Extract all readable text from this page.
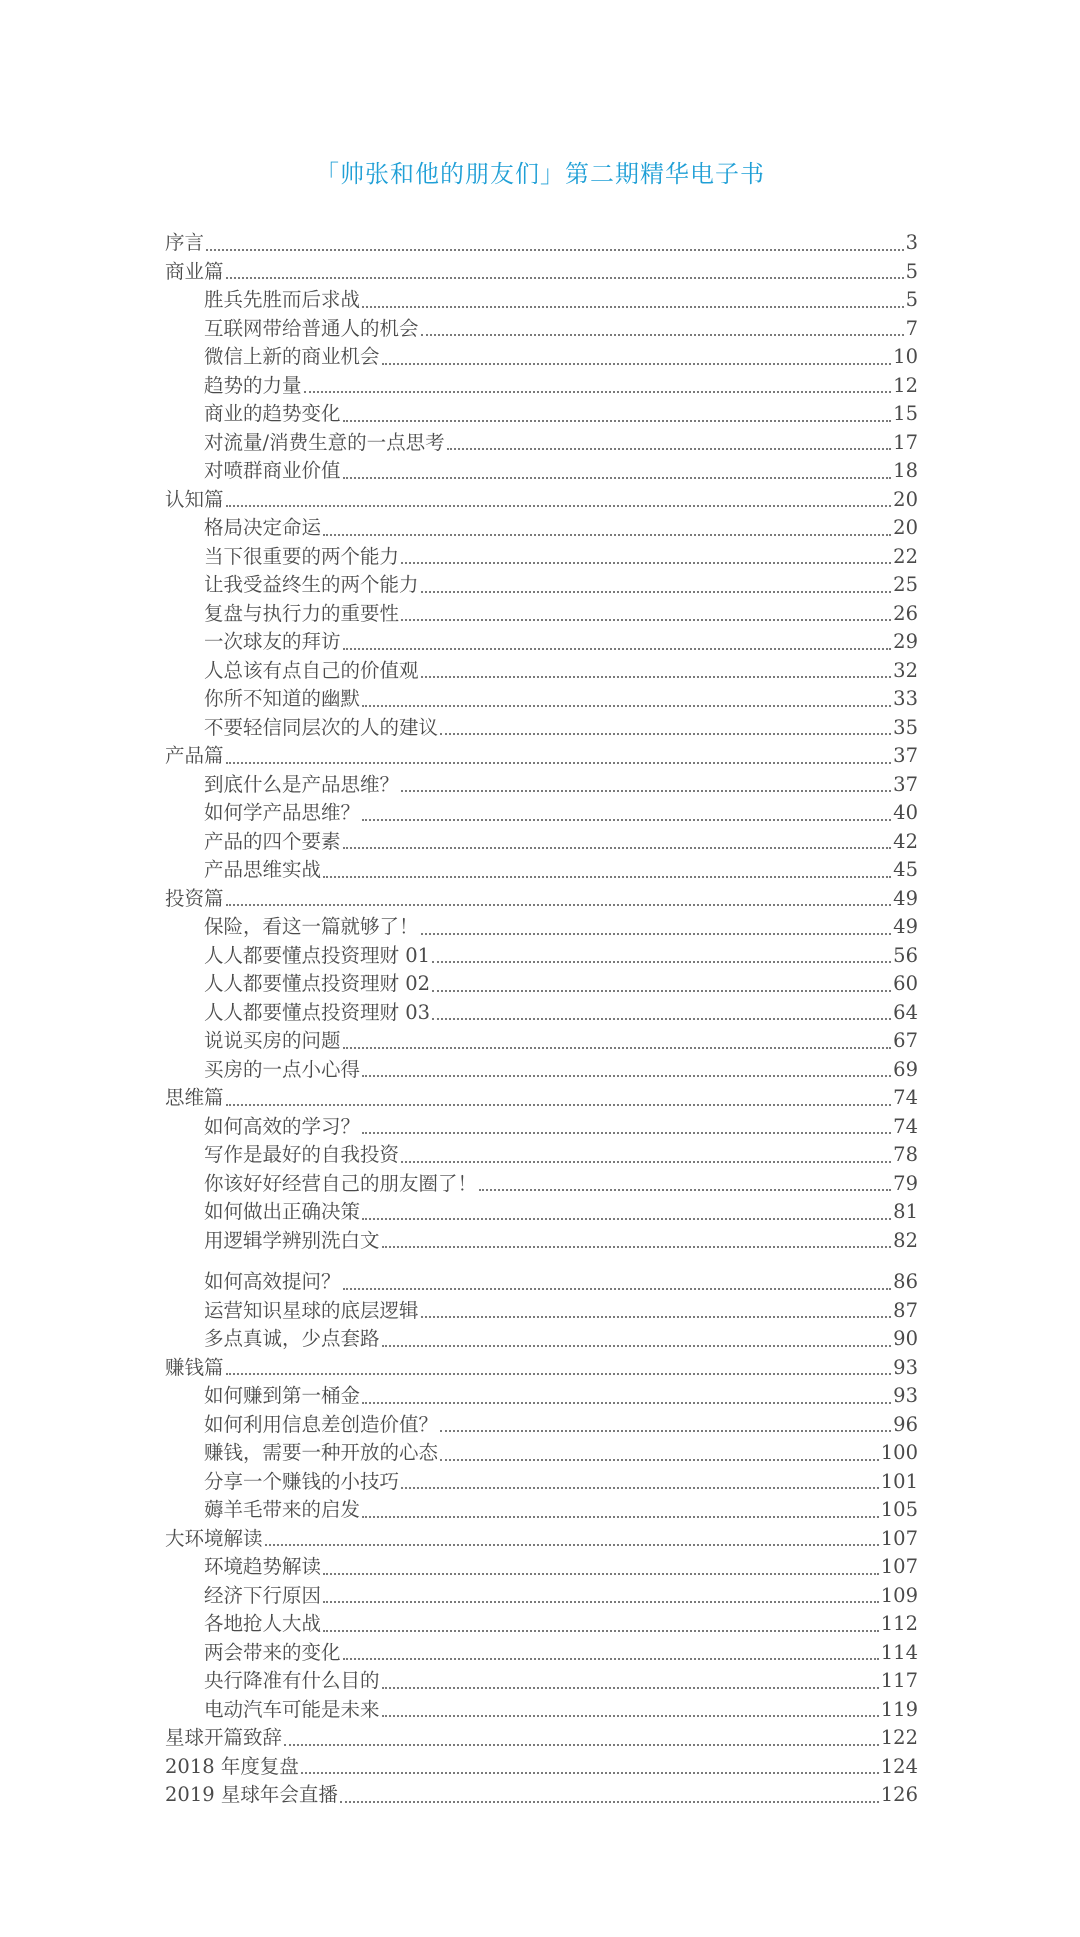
「帅张和他的朋友们」第二期精华电子书
序言	3
商业篇	5
胜兵先胜而后求战	5
互联网带给普通人的机会	7
微信上新的商业机会	10
趋势的力量	12
商业的趋势变化	15
对流量/消费生意的一点思考	17
对喷群商业价值	18
认知篇	20
格局决定命运	20
当下很重要的两个能力	22
让我受益终生的两个能力	25
复盘与执行力的重要性	26
一次球友的拜访	29
人总该有点自己的价值观	32
你所不知道的幽默	33
不要轻信同层次的人的建议	35
产品篇	37
到底什么是产品思维？	37
如何学产品思维？	40
产品的四个要素	42
产品思维实战	45
投资篇	49
保险，看这一篇就够了！	49
人人都要懂点投资理财 01	56
人人都要懂点投资理财 02	60
人人都要懂点投资理财 03	64
说说买房的问题	67
买房的一点小心得	69
思维篇	74
如何高效的学习？	74
写作是最好的自我投资	78
你该好好经营自己的朋友圈了！	79
如何做出正确决策	81
用逻辑学辨别洗白文	82
如何高效提问？	86
运营知识星球的底层逻辑	87
多点真诚，少点套路	90
赚钱篇	93
如何赚到第一桶金	93
如何利用信息差创造价值？	96
赚钱，需要一种开放的心态	100
分享一个赚钱的小技巧	101
薅羊毛带来的启发	105
大环境解读	107
环境趋势解读	107
经济下行原因	109
各地抢人大战	112
两会带来的变化	114
央行降准有什么目的	117
电动汽车可能是未来	119
星球开篇致辞	122
2018 年度复盘	124
2019 星球年会直播	126
